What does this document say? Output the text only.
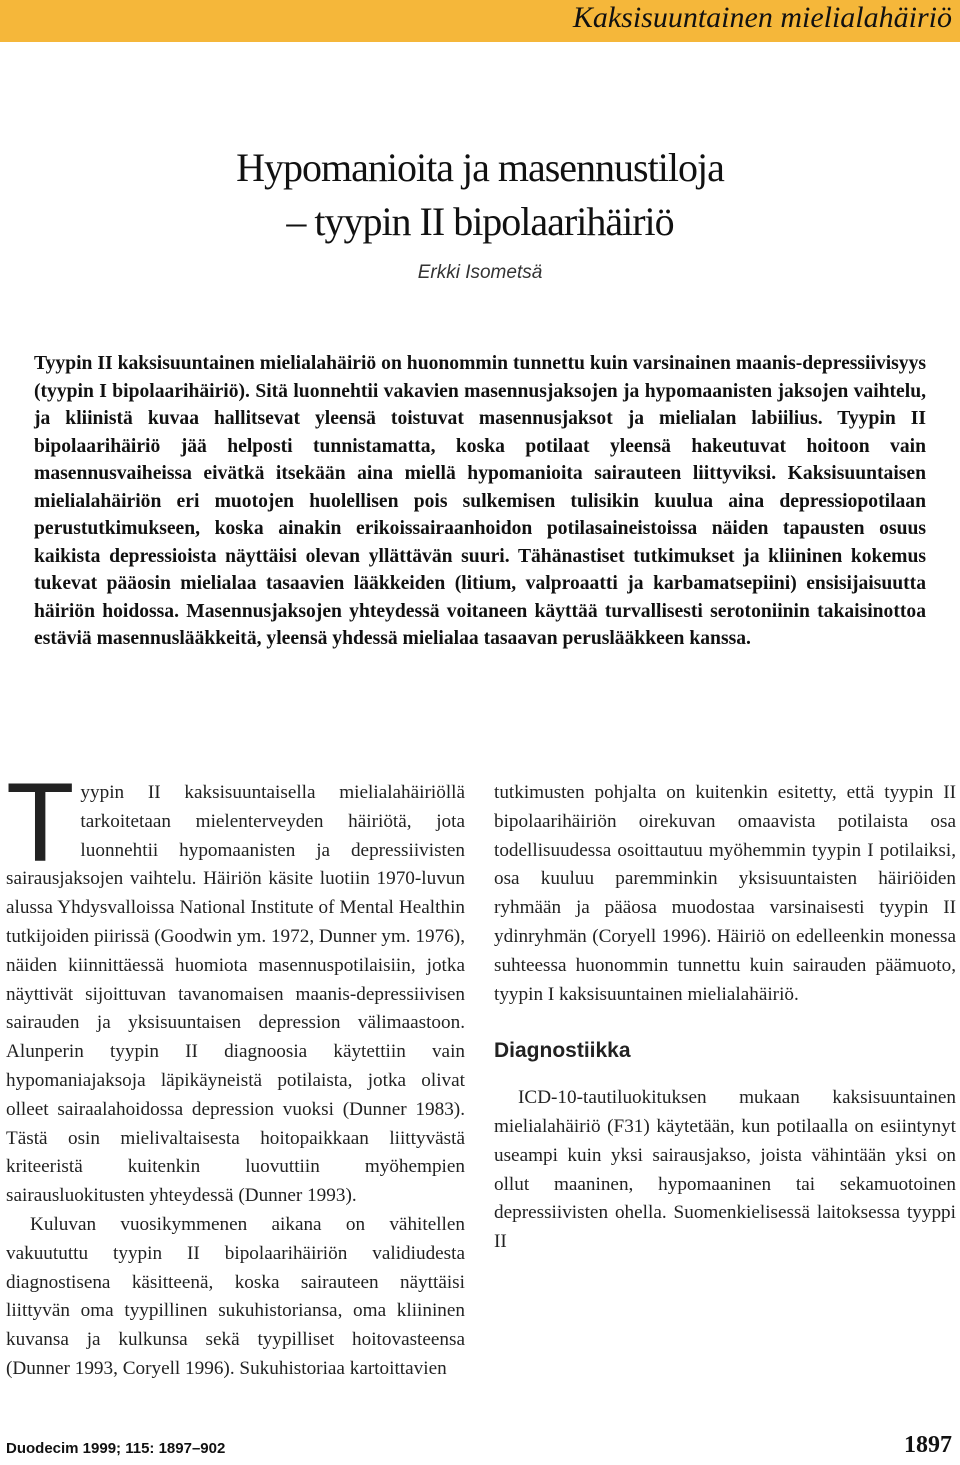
Kaksisuuntainen mielialahäiriö
Hypomanioita ja masennustiloja
– tyypin II bipolaarihäiriö
Erkki Isometsä
Tyypin II kaksisuuntainen mielialahäiriö on huonommin tunnettu kuin varsinainen maanis-depressiivisyys (tyypin I bipolaarihäiriö). Sitä luonnehtii vakavien masennusjaksojen ja hypomaanisten jaksojen vaihtelu, ja kliinistä kuvaa hallitsevat yleensä toistuvat masennusjaksot ja mielialan labiilius. Tyypin II bipolaarihäiriö jää helposti tunnistamatta, koska potilaat yleensä hakeutuvat hoitoon vain masennusvaiheissa eivätkä itsekään aina miellä hypomanioita sairauteen liittyviksi. Kaksisuuntaisen mielialahäiriön eri muotojen huolellisen pois sulkemisen tulisikin kuulua aina depressiopotilaan perustutkimukseen, koska ainakin erikoissairaanhoidon potilasaineistoissa näiden tapausten osuus kaikista depressioista näyttäisi olevan yllättävän suuri. Tähänastiset tutkimukset ja kliininen kokemus tukevat pääosin mielialaa tasaavien lääkkeiden (litium, valproaatti ja karbamatsepiini) ensisijaisuutta häiriön hoidossa. Masennusjaksojen yhteydessä voitaneen käyttää turvallisesti serotoniinin takaisinottoa estäviä masennuslääkkeitä, yleensä yhdessä mielialaa tasaavan peruslääkkeen kanssa.

Tyypin II kaksisuuntaisella mielialahäiriöllä tarkoitetaan mielenterveyden häiriötä, jota luonnehtii hypomaanisten ja depressiivisten sairausjaksojen vaihtelu. Häiriön käsite luotiin 1970-luvun alussa Yhdysvalloissa National Institute of Mental Healthin tutkijoiden piirissä (Goodwin ym. 1972, Dunner ym. 1976), näiden kiinnittäessä huomiota masennuspotilaisiin, jotka näyttivät sijoittuvan tavanomaisen maanis-depressiivisen sairauden ja yksisuuntaisen depression välimaastoon. Alunperin tyypin II diagnoosia käytettiin vain hypomaniajaksoja läpikäyneistä potilaista, jotka olivat olleet sairaalahoidossa depression vuoksi (Dunner 1983). Tästä osin mielivaltaisesta hoitopaikkaan liittyvästä kriteeristä kuitenkin luovuttiin myöhempien sairausluokitusten yhteydessä (Dunner 1993).

Kuluvan vuosikymmenen aikana on vähitellen vakuututtu tyypin II bipolaarihäiriön validiudesta diagnostisena käsitteenä, koska sairauteen näyttäisi liittyvän oma tyypillinen sukuhistoriansa, oma kliininen kuvansa ja kulkunsa sekä tyypilliset hoitovasteensa (Dunner 1993, Coryell 1996). Sukuhistoriaa kartoittavien

tutkimusten pohjalta on kuitenkin esitetty, että tyypin II bipolaarihäiriön oirekuvan omaavista potilaista osa todellisuudessa osoittautuu myöhemmin tyypin I potilaiksi, osa kuuluu paremminkin yksisuuntaisten häiriöiden ryhmään ja pääosa muodostaa varsinaisesti tyypin II ydinryhmän (Coryell 1996). Häiriö on edelleenkin monessa suhteessa huonommin tunnettu kuin sairauden päämuoto, tyypin I kaksisuuntainen mielialahäiriö.

Diagnostiikka

ICD-10-tautiluokituksen mukaan kaksisuuntainen mielialahäiriö (F31) käytetään, kun potilaalla on esiintynyt useampi kuin yksi sairausjakso, joista vähintään yksi on ollut maaninen, hypomaaninen tai sekamuotoinen depressiivisten ohella. Suomenkielisessä laitoksessa tyyppi II

Duodecim 1999; 115: 1897–902	1897
